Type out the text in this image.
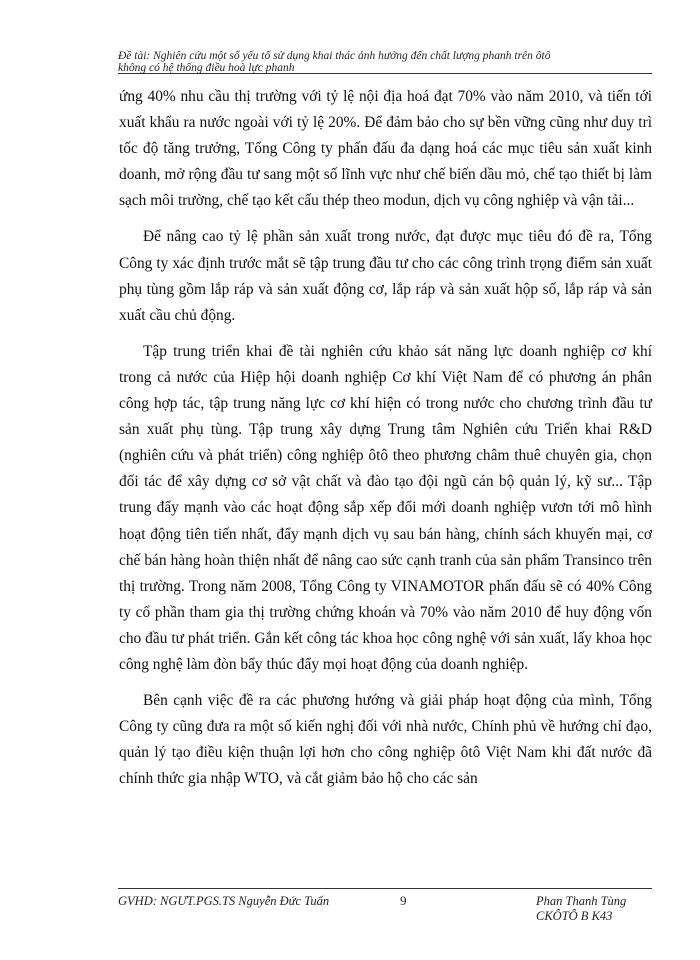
Đề tài: Nghiên cứu một số yếu tố sử dụng khai thác ảnh hưởng đến chất lượng phanh trên ôtô
không có hệ thống điều hoà lực phanh

ứng 40% nhu cầu thị trường với tỷ lệ nội địa hoá đạt 70% vào năm 2010, và tiến tới xuất khẩu ra nước ngoài với tỷ lệ 20%. Để đảm bảo cho sự bền vững cũng như duy trì tốc độ tăng trưởng, Tổng Công ty phấn đấu đa dạng hoá các mục tiêu sản xuất kinh doanh, mở rộng đầu tư sang một số lĩnh vực như chế biến dầu mỏ, chế tạo thiết bị làm sạch môi trường, chế tạo kết cấu thép theo modun, dịch vụ công nghiệp và vận tải...

Để nâng cao tỷ lệ phần sản xuất trong nước, đạt được mục tiêu đó đề ra, Tổng Công ty xác định trước mắt sẽ tập trung đầu tư cho các công trình trọng điểm sản xuất phụ tùng gồm lắp ráp và sản xuất động cơ, lắp ráp và sản xuất hộp số, lắp ráp và sản xuất cầu chủ động.

Tập trung triển khai đề tài nghiên cứu khảo sát năng lực doanh nghiệp cơ khí trong cả nước của Hiệp hội doanh nghiệp Cơ khí Việt Nam để có phương án phân công hợp tác, tập trung năng lực cơ khí hiện có trong nước cho chương trình đầu tư sản xuất phụ tùng. Tập trung xây dựng Trung tâm Nghiên cứu Triển khai R&D (nghiên cứu và phát triển) công nghiệp ôtô theo phương châm thuê chuyên gia, chọn đối tác để xây dựng cơ sở vật chất và đào tạo đội ngũ cán bộ quản lý, kỹ sư... Tập trung đẩy mạnh vào các hoạt động sắp xếp đổi mới doanh nghiệp vươn tới mô hình hoạt động tiên tiến nhất, đẩy mạnh dịch vụ sau bán hàng, chính sách khuyến mại, cơ chế bán hàng hoàn thiện nhất để nâng cao sức cạnh tranh của sản phẩm Transinco trên thị trường. Trong năm 2008, Tổng Công ty VINAMOTOR phấn đấu sẽ có 40% Công ty cổ phần tham gia thị trường chứng khoán và 70% vào năm 2010 để huy động vốn cho đầu tư phát triển. Gắn kết công tác khoa học công nghệ với sản xuất, lấy khoa học công nghệ làm đòn bẩy thúc đẩy mọi hoạt động của doanh nghiệp.

Bên cạnh việc đề ra các phương hướng và giải pháp hoạt động của mình, Tổng Công ty cũng đưa ra một số kiến nghị đối với nhà nước, Chính phủ về hướng chỉ đạo, quản lý tạo điều kiện thuận lợi hơn cho công nghiệp ôtô Việt Nam khi đất nước đã chính thức gia nhập WTO, và cắt giảm bảo hộ cho các sản

GVHD: NGƯT.PGS.TS Nguyễn Đức Tuấn	9	Phan Thanh Tùng
CKÔTÔ B K43
